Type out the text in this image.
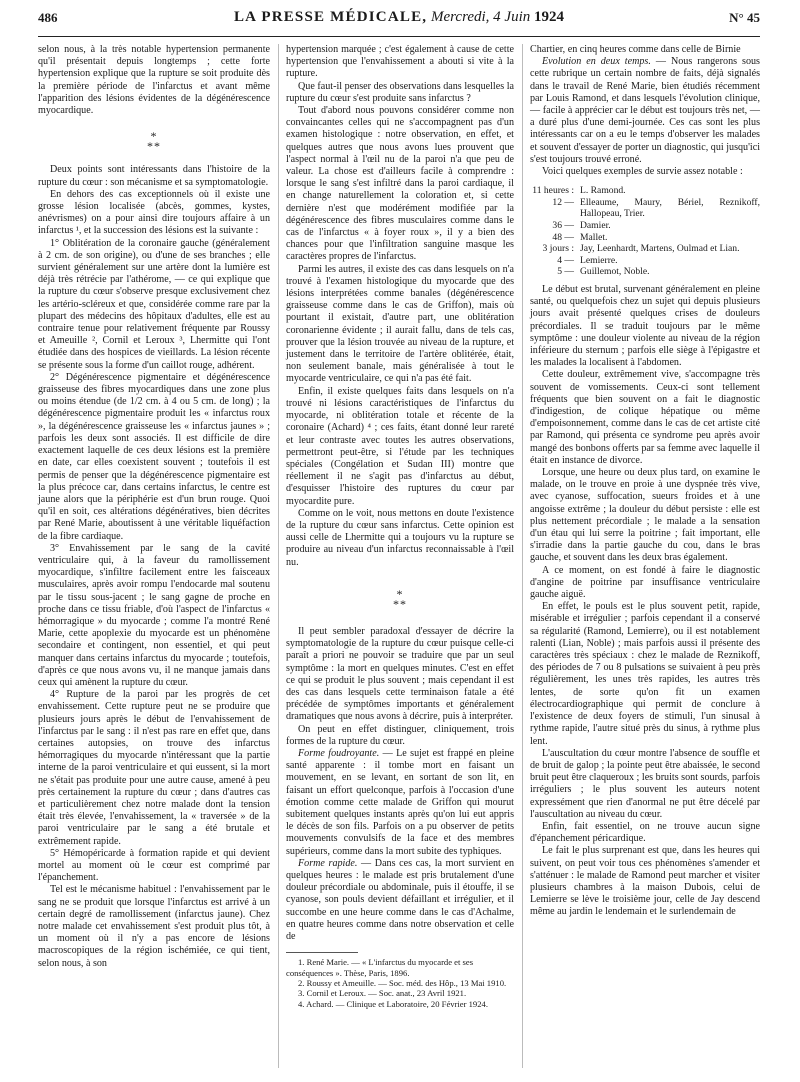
486	LA PRESSE MÉDICALE, Mercredi, 4 Juin 1924	N° 45

selon nous, à la très notable hypertension permanente qu'il présentait depuis longtemps ; cette forte hypertension explique que la rupture se soit produite dès la première période de l'infarctus et avant même l'apparition des lésions évidentes de la dégénérescence myocardique.

*
**

Deux points sont intéressants dans l'histoire de la rupture du cœur : son mécanisme et sa symptomatologie.

En dehors des cas exceptionnels où il existe une grosse lésion localisée (abcès, gommes, kystes, anévrismes) on a pour ainsi dire toujours affaire à un infarctus ¹, et la succession des lésions est la suivante :

1° Oblitération de la coronaire gauche (généralement à 2 cm. de son origine), ou d'une de ses branches ; elle survient généralement sur une artère dont la lumière est déjà très rétrécie par l'athérome, — ce qui explique que la rupture du cœur s'observe presque exclusivement chez les artério-scléreux et que, considérée comme rare par la plupart des médecins des hôpitaux d'adultes, elle est au contraire tenue pour relativement fréquente par Roussy et Ameuille ², Cornil et Leroux ³, Lhermitte qui l'ont étudiée dans des hospices de vieillards. La lésion récente se présente sous la forme d'un caillot rouge, adhérent.

2° Dégénérescence pigmentaire et dégénérescence graisseuse des fibres myocardiques dans une zone plus ou moins étendue (de 1/2 cm. à 4 ou 5 cm. de long) ; la dégénérescence pigmentaire produit les « infarctus roux », la dégénérescence graisseuse les « infarctus jaunes » ; parfois les deux sont associés. Il est difficile de dire exactement laquelle de ces deux lésions est la première en date, car elles coexistent souvent ; toutefois il est permis de penser que la dégénérescence pigmentaire est la plus précoce car, dans certains infarctus, le centre est jaune alors que la périphérie est d'un brun rouge. Quoi qu'il en soit, ces altérations dégénératives, bien décrites par René Marie, aboutissent à une véritable liquéfaction de la fibre cardiaque.

3° Envahissement par le sang de la cavité ventriculaire qui, à la faveur du ramollissement myocardique, s'infiltre facilement entre les faisceaux musculaires, après avoir rompu l'endocarde mal soutenu par le tissu sous-jacent ; le sang gagne de proche en proche dans ce tissu friable, d'où l'aspect de l'infarctus « hémorragique » du myocarde ; comme l'a montré René Marie, cette apoplexie du myocarde est un phénomène secondaire et contingent, non essentiel, et qui peut manquer dans certains infarctus du myocarde ; toutefois, d'après ce que nous avons vu, il ne manque jamais dans ceux qui amènent la rupture du cœur.

4° Rupture de la paroi par les progrès de cet envahissement. Cette rupture peut ne se produire que plusieurs jours après le début de l'envahissement de l'infarctus par le sang : il n'est pas rare en effet que, dans certaines autopsies, on trouve des infarctus hémorragiques du myocarde n'intéressant que la partie interne de la paroi ventriculaire et qui eussent, si la mort ne s'était pas produite pour une autre cause, amené à peu près certainement la rupture du cœur ; dans d'autres cas et particulièrement chez notre malade dont la tension était très élevée, l'envahissement, la « traversée » de la paroi ventriculaire par le sang a été brutale et extrêmement rapide.

5° Hémopéricarde à formation rapide et qui devient mortel au moment où le cœur est comprimé par l'épanchement.

Tel est le mécanisme habituel : l'envahissement par le sang ne se produit que lorsque l'infarctus est arrivé à un certain degré de ramollissement (infarctus jaune). Chez notre malade cet envahissement s'est produit plus tôt, à un moment où il n'y a pas encore de lésions macroscopiques de la région ischémiée, ce qui tient, selon nous, à son

hypertension marquée ; c'est également à cause de cette hypertension que l'envahissement a abouti si vite à la rupture.

Que faut-il penser des observations dans lesquelles la rupture du cœur s'est produite sans infarctus ?

Tout d'abord nous pouvons considérer comme non convaincantes celles qui ne s'accompagnent pas d'un examen histologique : notre observation, en effet, et quelques autres que nous avons lues prouvent que l'aspect normal à l'œil nu de la paroi n'a que peu de valeur. La chose est d'ailleurs facile à comprendre : lorsque le sang s'est infiltré dans la paroi cardiaque, il en change naturellement la coloration et, si cette dernière n'est que modérément modifiée par la dégénérescence des fibres musculaires comme dans le cas de l'infarctus « à foyer roux », il y a bien des chances pour que l'infiltration sanguine masque les caractères propres de l'infarctus.

Parmi les autres, il existe des cas dans lesquels on n'a trouvé à l'examen histologique du myocarde que des lésions interprétées comme banales (dégénérescence graisseuse comme dans le cas de Griffon), mais où pourtant il existait, d'autre part, une oblitération coronarienne évidente ; il aurait fallu, dans de tels cas, prouver que la lésion trouvée au niveau de la rupture, et justement dans le territoire de l'artère oblitérée, était, non seulement banale, mais généralisée à tout le myocarde ventriculaire, ce qui n'a pas été fait.

Enfin, il existe quelques faits dans lesquels on n'a trouvé ni lésions caractéristiques de l'infarctus du myocarde, ni oblitération totale et récente de la coronaire (Achard) ⁴ ; ces faits, étant donné leur rareté et leur contraste avec toutes les autres observations, permettront peut-être, si l'étude par les techniques spéciales (Congélation et Sudan III) montre que réellement il ne s'agit pas d'infarctus au début, d'esquisser l'histoire des ruptures du cœur par myocardite pure.

Comme on le voit, nous mettons en doute l'existence de la rupture du cœur sans infarctus. Cette opinion est aussi celle de Lhermitte qui a toujours vu la rupture se produire au niveau d'un infarctus reconnaissable à l'œil nu.

*
**

Il peut sembler paradoxal d'essayer de décrire la symptomatologie de la rupture du cœur puisque celle-ci paraît a priori ne pouvoir se traduire que par un seul symptôme : la mort en quelques minutes. C'est en effet ce qui se produit le plus souvent ; mais cependant il est des cas dans lesquels cette terminaison fatale a été précédée de symptômes importants et généralement dramatiques que nous avons à décrire, puis à interpréter.

On peut en effet distinguer, cliniquement, trois formes de la rupture du cœur.

Forme foudroyante. — Le sujet est frappé en pleine santé apparente : il tombe mort en faisant un mouvement, en se levant, en sortant de son lit, en faisant un effort quelconque, parfois à l'occasion d'une émotion comme cette malade de Griffon qui mourut subitement quelques instants après qu'on lui eut appris le décès de son fils. Parfois on a pu observer de petits mouvements convulsifs de la face et des membres supérieurs, comme dans la mort subite des typhiques.

Forme rapide. — Dans ces cas, la mort survient en quelques heures : le malade est pris brutalement d'une douleur précordiale ou abdominale, puis il étouffe, il se cyanose, son pouls devient défaillant et irrégulier, et il succombe en une heure comme dans le cas d'Achalme, en quatre heures comme dans notre observation et celle de

1. René Marie. — « L'infarctus du myocarde et ses conséquences ». Thèse, Paris, 1896.

2. Roussy et Ameuille. — Soc. méd. des Hôp., 13 Mai 1910.

3. Cornil et Leroux. — Soc. anat., 23 Avril 1921.

4. Achard. — Clinique et Laboratoire, 20 Février 1924.

Chartier, en cinq heures comme dans celle de Birnie

Evolution en deux temps. — Nous rangerons sous cette rubrique un certain nombre de faits, déjà signalés dans le travail de René Marie, bien étudiés récemment par Louis Ramond, et dans lesquels l'évolution clinique, — facile à apprécier car le début est toujours très net, — a duré plus d'une demi-journée. Ces cas sont les plus intéressants car on a eu le temps d'observer les malades et souvent d'essayer de porter un diagnostic, qui jusqu'ici s'est toujours trouvé erroné.

Voici quelques exemples de survie assez notable :

11 heures :	L. Ramond.
12 —	Elleaume, Maury, Bériel, Reznikoff, Hallopeau, Trier.
36 —	Damier.
48 —	Mallet.
3 jours :	Jay, Leenhardt, Martens, Oulmad et Lian.
4 —	Lemierre.
5 —	Guillemot, Noble.

Le début est brutal, survenant généralement en pleine santé, ou quelquefois chez un sujet qui depuis plusieurs jours avait présenté quelques crises de douleurs précordiales. Il se traduit toujours par le même symptôme : une douleur violente au niveau de la région inférieure du sternum ; parfois elle siège à l'épigastre et les malades la localisent à l'abdomen.

Cette douleur, extrêmement vive, s'accompagne très souvent de vomissements. Ceux-ci sont tellement fréquents que bien souvent on a fait le diagnostic d'indigestion, de colique hépatique ou même d'empoisonnement, comme dans le cas de cet artiste cité par Ramond, qui présenta ce syndrome peu après avoir mangé des bonbons offerts par sa femme avec laquelle il était en instance de divorce.

Lorsque, une heure ou deux plus tard, on examine le malade, on le trouve en proie à une dyspnée très vive, avec cyanose, suffocation, sueurs froides et à une angoisse extrême ; la douleur du début persiste : elle est plus nettement précordiale ; le malade a la sensation d'un étau qui lui serre la poitrine ; fait important, elle s'irradie dans la partie gauche du cou, dans le bras gauche, et souvent dans les deux bras également.

A ce moment, on est fondé à faire le diagnostic d'angine de poitrine par insuffisance ventriculaire gauche aiguë.

En effet, le pouls est le plus souvent petit, rapide, misérable et irrégulier ; parfois cependant il a conservé sa régularité (Ramond, Lemierre), ou il est notablement ralenti (Lian, Noble) ; mais parfois aussi il présente des caractères très spéciaux : chez le malade de Reznikoff, des périodes de 7 ou 8 pulsations se suivaient à peu près régulièrement, les unes très rapides, les autres très lentes, de sorte qu'on fit un examen électrocardiographique qui permit de conclure à l'existence de deux foyers de stimuli, l'un sinusal à rythme rapide, l'autre situé près du sinus, à rythme plus lent.

L'auscultation du cœur montre l'absence de souffle et de bruit de galop ; la pointe peut être abaissée, le second bruit peut être claqueroux ; les bruits sont sourds, parfois irréguliers ; le plus souvent les auteurs notent expressément que rien d'anormal ne put être décelé par l'auscultation au niveau du cœur.

Enfin, fait essentiel, on ne trouve aucun signe d'épanchement péricardique.

Le fait le plus surprenant est que, dans les heures qui suivent, on peut voir tous ces phénomènes s'amender et s'atténuer : le malade de Ramond peut marcher et visiter plusieurs chambres à la maison Dubois, celui de Lemierre se lève le troisième jour, celle de Jay descend même au jardin le lendemain et le surlendemain de
